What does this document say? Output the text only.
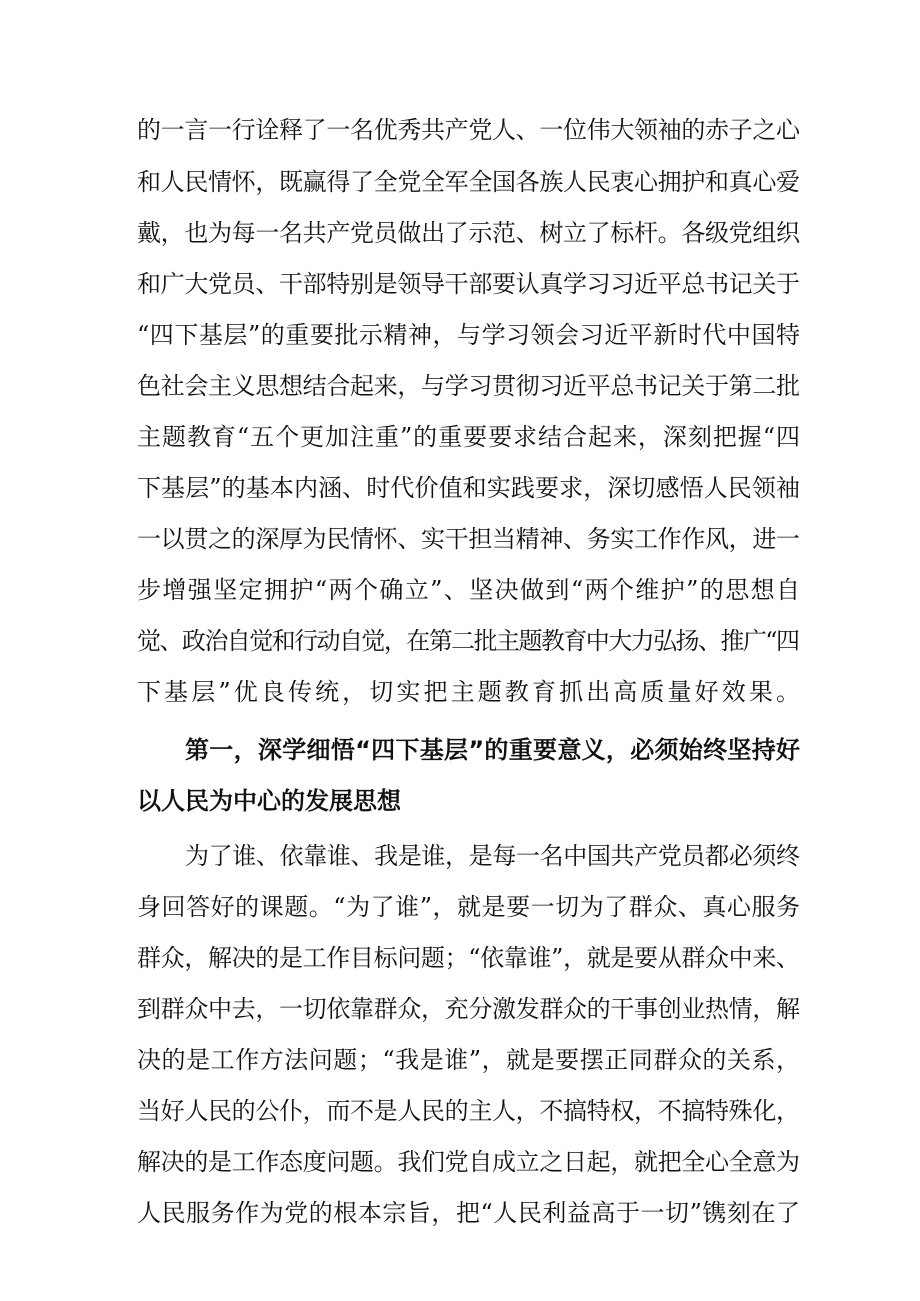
的一言一行诠释了一名优秀共产党人、一位伟大领袖的赤子之心
和人民情怀，既赢得了全党全军全国各族人民衷心拥护和真心爱
戴，也为每一名共产党员做出了示范、树立了标杆。各级党组织
和广大党员、干部特别是领导干部要认真学习习近平总书记关于
“四下基层”的重要批示精神，与学习领会习近平新时代中国特
色社会主义思想结合起来，与学习贯彻习近平总书记关于第二批
主题教育“五个更加注重”的重要要求结合起来，深刻把握“四
下基层”的基本内涵、时代价值和实践要求，深切感悟人民领袖
一以贯之的深厚为民情怀、实干担当精神、务实工作作风，进一
步增强坚定拥护“两个确立”、坚决做到“两个维护”的思想自
觉、政治自觉和行动自觉，在第二批主题教育中大力弘扬、推广“四
下基层”优良传统，切实把主题教育抓出高质量好效果。
第一，深学细悟“四下基层”的重要意义，必须始终坚持好
以人民为中心的发展思想
为了谁、依靠谁、我是谁，是每一名中国共产党员都必须终
身回答好的课题。“为了谁”，就是要一切为了群众、真心服务
群众，解决的是工作目标问题；“依靠谁”，就是要从群众中来、
到群众中去，一切依靠群众，充分激发群众的干事创业热情，解
决的是工作方法问题；“我是谁”，就是要摆正同群众的关系，
当好人民的公仆，而不是人民的主人，不搞特权，不搞特殊化，
解决的是工作态度问题。我们党自成立之日起，就把全心全意为
人民服务作为党的根本宗旨，把“人民利益高于一切”镌刻在了
